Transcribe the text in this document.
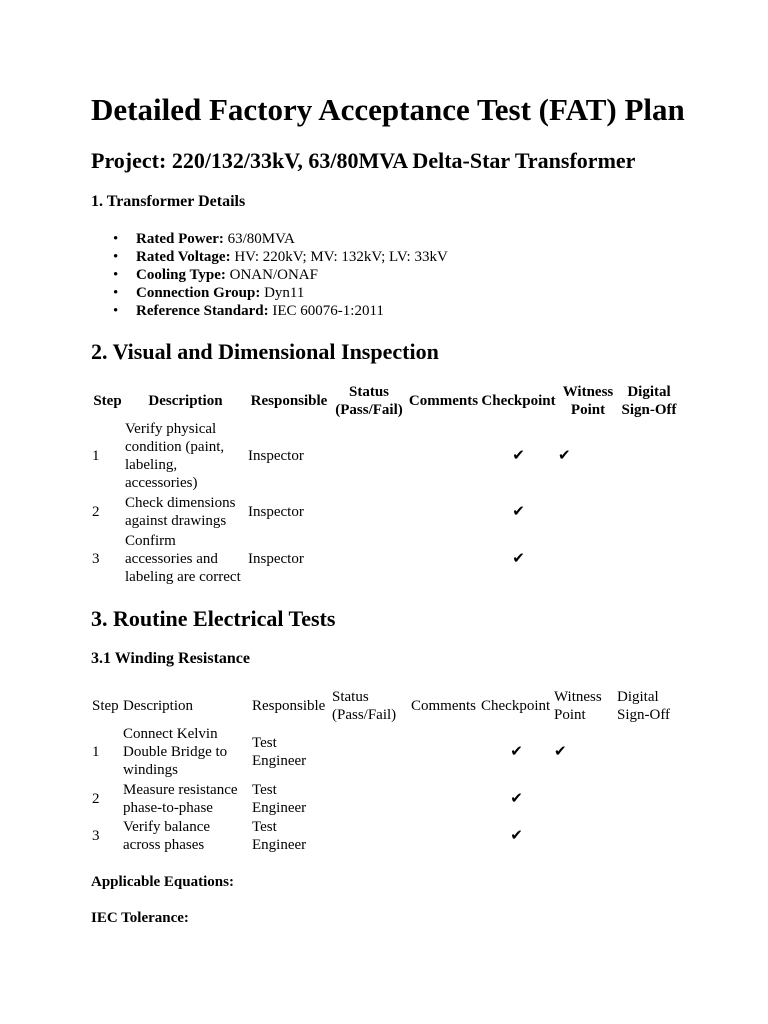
Detailed Factory Acceptance Test (FAT) Plan
Project: 220/132/33kV, 63/80MVA Delta-Star Transformer
1. Transformer Details
• Rated Power: 63/80MVA
• Rated Voltage: HV: 220kV; MV: 132kV; LV: 33kV
• Cooling Type: ONAN/ONAF
• Connection Group: Dyn11
• Reference Standard: IEC 60076-1:2011
2. Visual and Dimensional Inspection
Step	Description	Responsible	Status (Pass/Fail)	Comments	Checkpoint	Witness Point	Digital Sign-Off
1	Verify physical condition (paint, labeling, accessories)	Inspector			✔	✔	
2	Check dimensions against drawings	Inspector			✔		
3	Confirm accessories and labeling are correct	Inspector			✔		
3. Routine Electrical Tests
3.1 Winding Resistance
Step	Description	Responsible	Status (Pass/Fail)	Comments	Checkpoint	Witness Point	Digital Sign-Off
1	Connect Kelvin Double Bridge to windings	Test Engineer			✔	✔	
2	Measure resistance phase-to-phase	Test Engineer			✔		
3	Verify balance across phases	Test Engineer			✔		

Applicable Equations:

IEC Tolerance:
